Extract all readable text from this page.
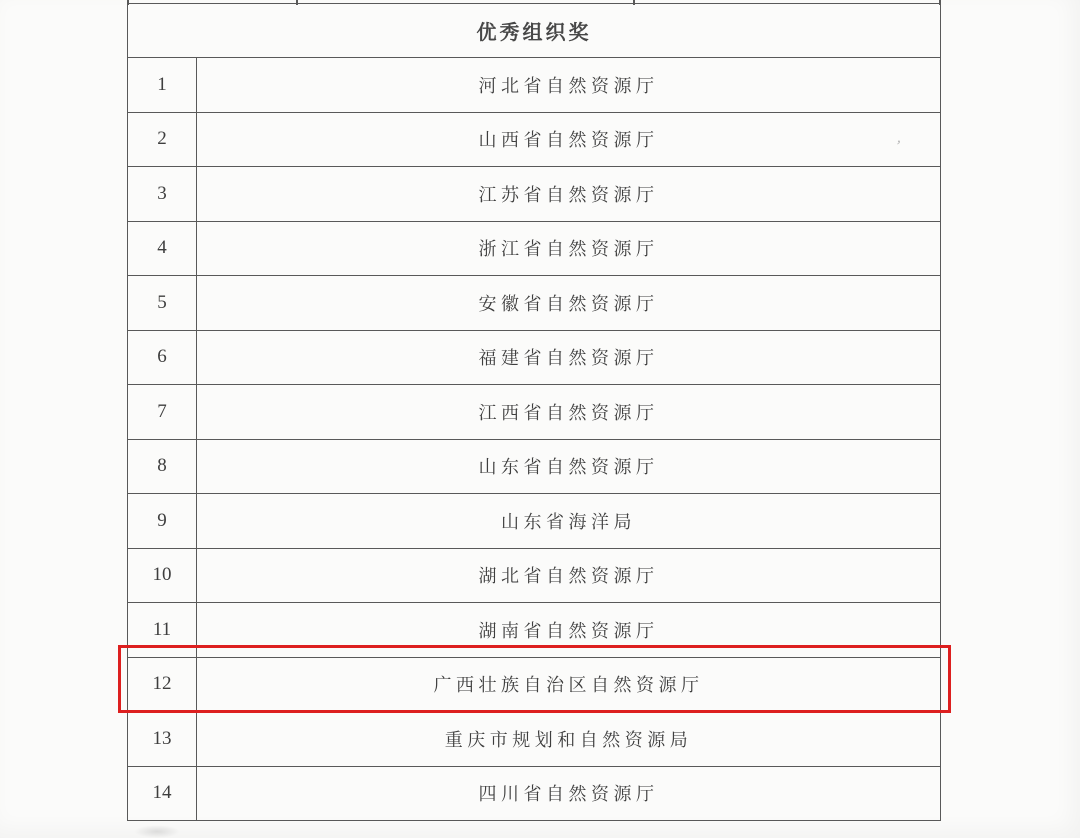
优秀组织奖
1	河北省自然资源厅
2	山西省自然资源厅
3	江苏省自然资源厅
4	浙江省自然资源厅
5	安徽省自然资源厅
6	福建省自然资源厅
7	江西省自然资源厅
8	山东省自然资源厅
9	山东省海洋局
10	湖北省自然资源厅
11	湖南省自然资源厅
12	广西壮族自治区自然资源厅
13	重庆市规划和自然资源局
14	四川省自然资源厅
’
